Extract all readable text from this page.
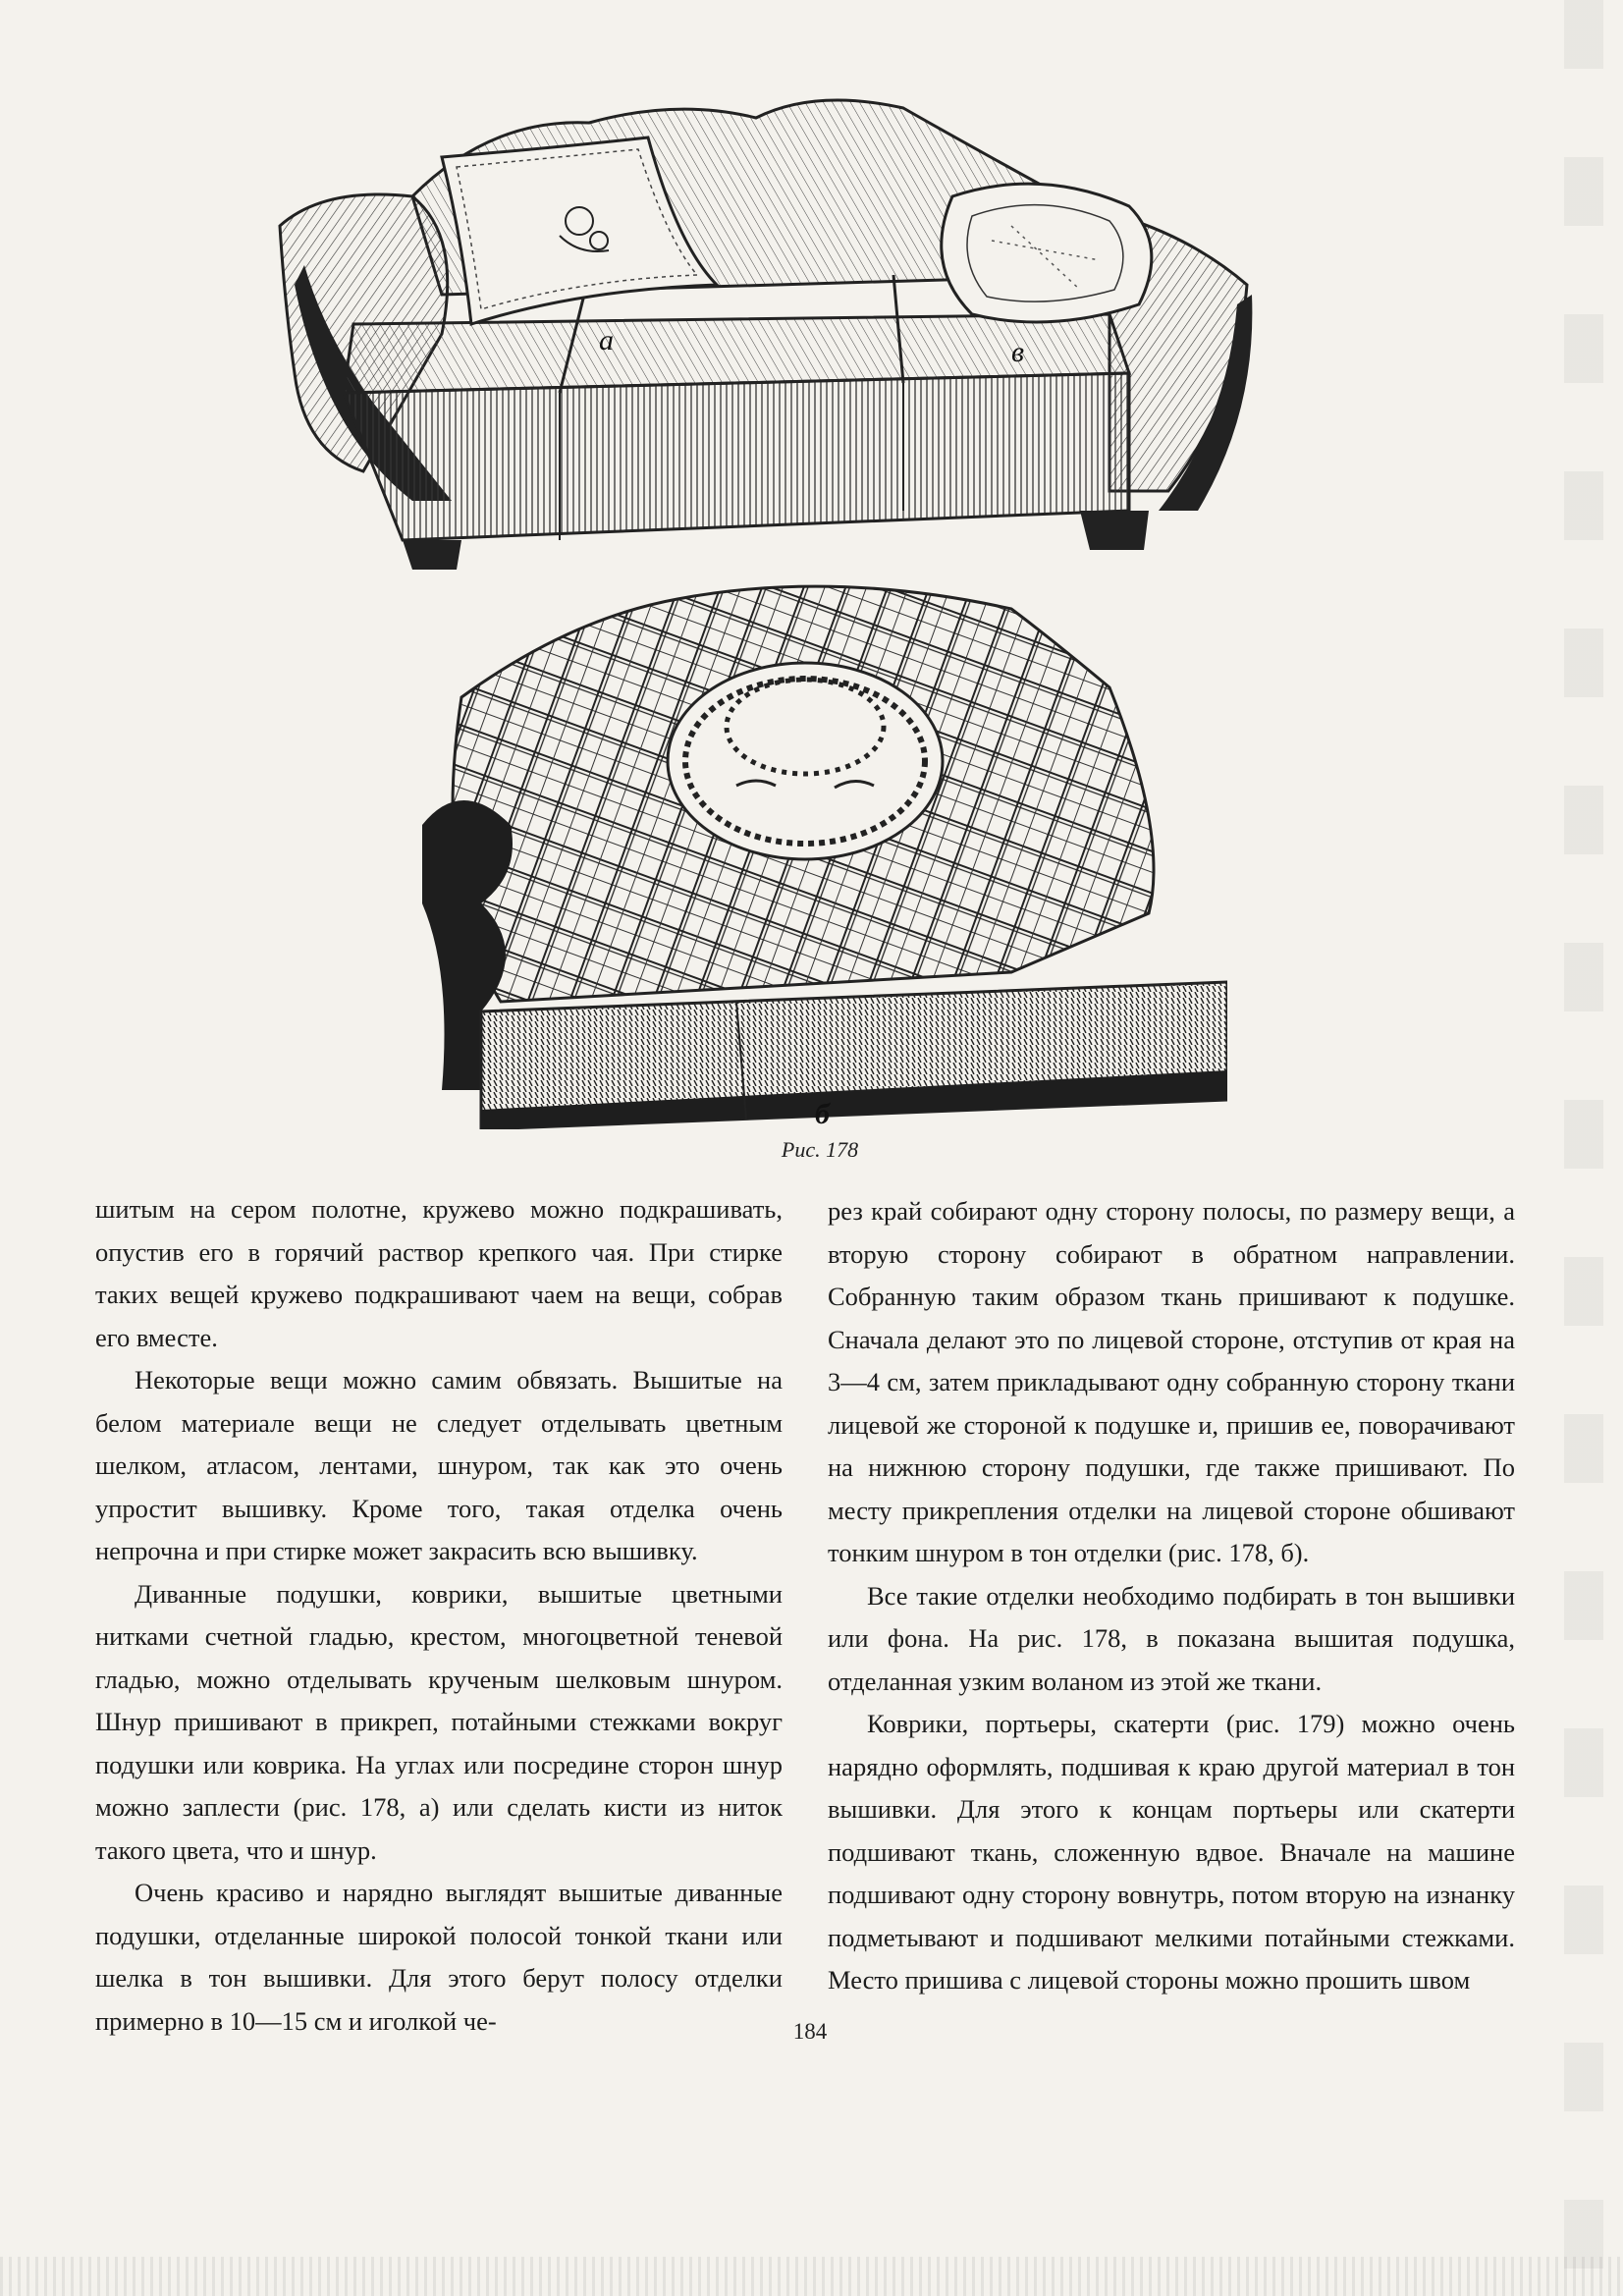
а	в
б
Рис. 178

шитым на сером полотне, кружево можно подкрашивать, опустив его в горячий раствор крепкого чая. При стирке таких вещей кружево подкрашивают чаем на вещи, собрав его вместе.

Некоторые вещи можно самим обвязать. Вышитые на белом материале вещи не следует отделывать цветным шелком, атласом, лентами, шнуром, так как это очень упростит вышивку. Кроме того, такая отделка очень непрочна и при стирке может закрасить всю вышивку.

Диванные подушки, коврики, вышитые цветными нитками счетной гладью, крестом, многоцветной теневой гладью, можно отделывать крученым шелковым шнуром. Шнур пришивают в прикреп, потайными стежками вокруг подушки или коврика. На углах или посредине сторон шнур можно заплести (рис. 178, а) или сделать кисти из ниток такого цвета, что и шнур.

Очень красиво и нарядно выглядят вышитые диванные подушки, отделанные широкой полосой тонкой ткани или шелка в тон вышивки. Для этого берут полосу отделки примерно в 10—15 см и иголкой че-

рез край собирают одну сторону полосы, по размеру вещи, а вторую сторону собирают в обратном направлении. Собранную таким образом ткань пришивают к подушке. Сначала делают это по лицевой стороне, отступив от края на 3—4 см, затем прикладывают одну собранную сторону ткани лицевой же стороной к подушке и, пришив ее, поворачивают на нижнюю сторону подушки, где также пришивают. По месту прикрепления отделки на лицевой стороне обшивают тонким шнуром в тон отделки (рис. 178, б).

Все такие отделки необходимо подбирать в тон вышивки или фона. На рис. 178, в показана вышитая подушка, отделанная узким воланом из этой же ткани.

Коврики, портьеры, скатерти (рис. 179) можно очень нарядно оформлять, подшивая к краю другой материал в тон вышивки. Для этого к концам портьеры или скатерти подшивают ткань, сложенную вдвое. Вначале на машине подшивают одну сторону вовнутрь, потом вторую на изнанку подметывают и подшивают мелкими потайными стежками. Место пришива с лицевой стороны можно прошить швом

184
